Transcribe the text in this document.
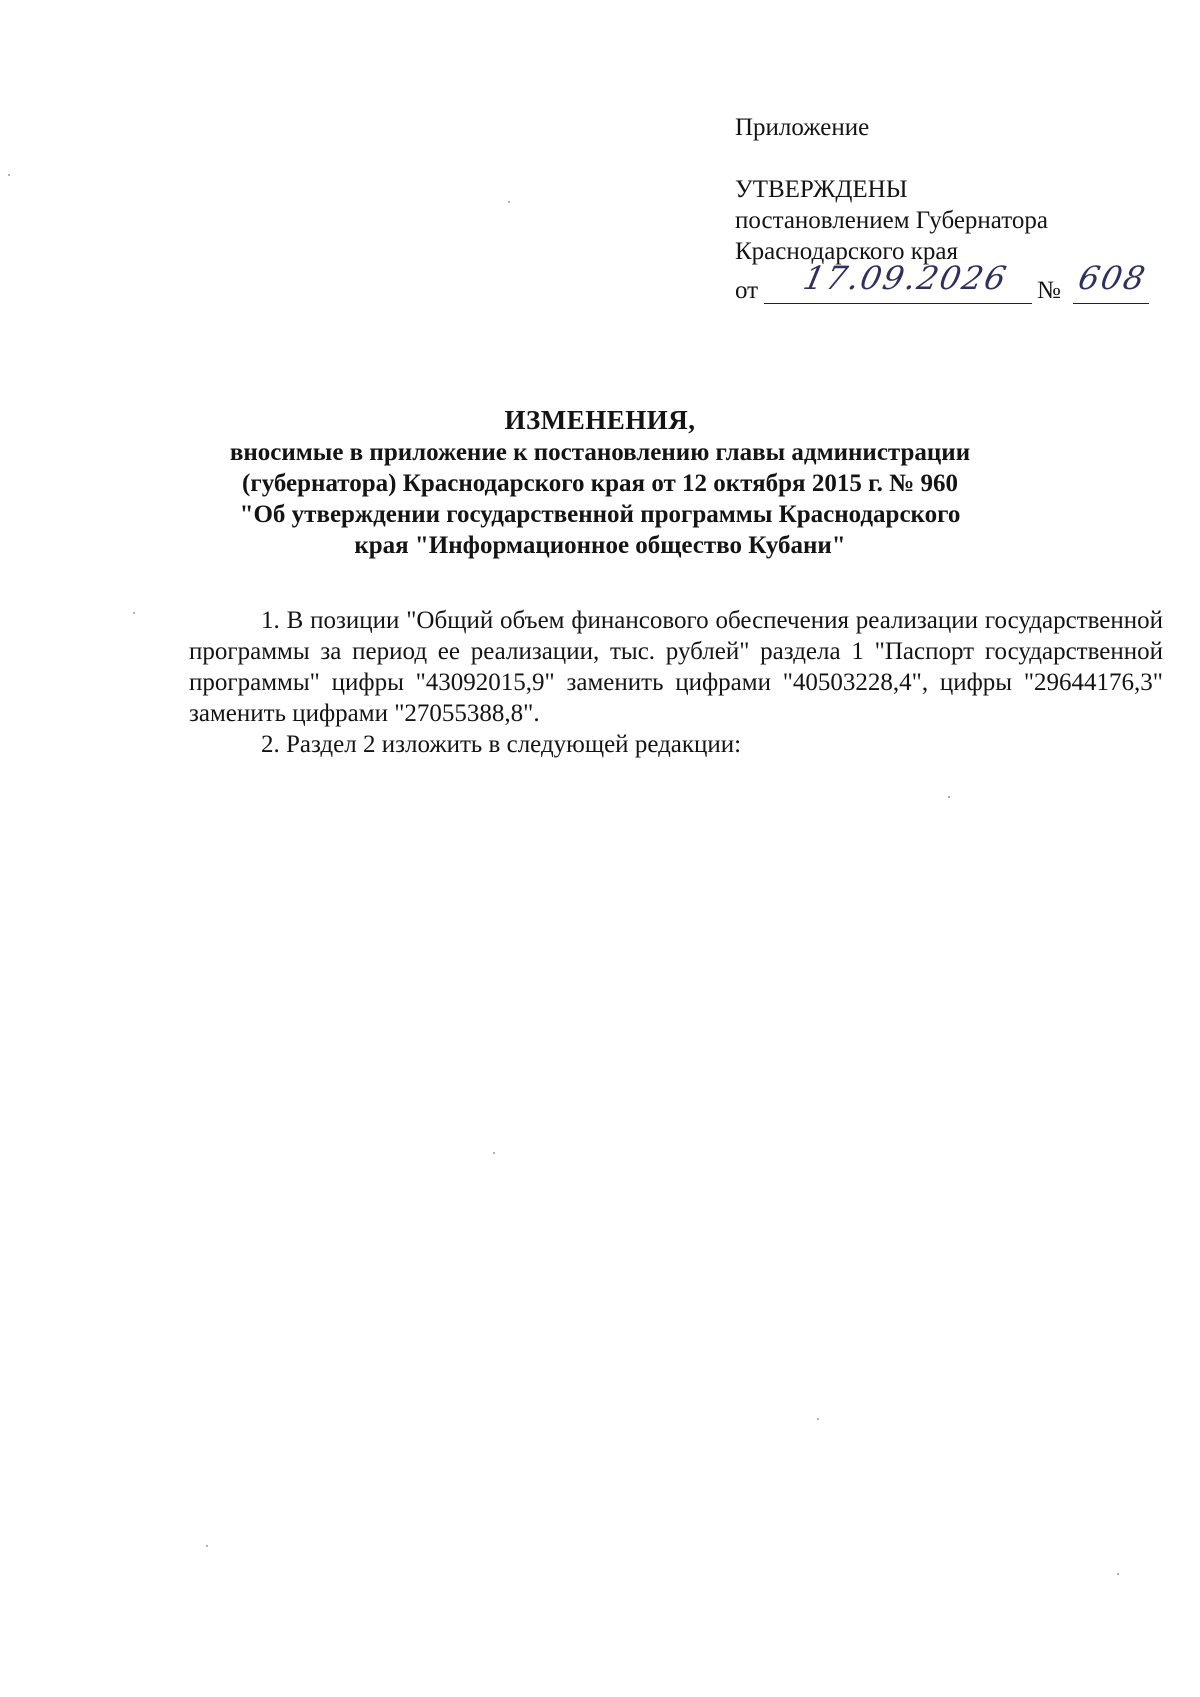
Приложение
УТВЕРЖДЕНЫ
постановлением Губернатора
Краснодарского края
от 17.09.2026 № 608
ИЗМЕНЕНИЯ,
вносимые в приложение к постановлению главы администрации
(губернатора) Краснодарского края от 12 октября 2015 г. № 960
"Об утверждении государственной программы Краснодарского
края "Информационное общество Кубани"

1. В позиции "Общий объем финансового обеспечения реализации государственной программы за период ее реализации, тыс. рублей" раздела 1 "Паспорт государственной программы" цифры "43092015,9" заменить цифрами "40503228,4", цифры "29644176,3" заменить цифрами "27055388,8".

2. Раздел 2 изложить в следующей редакции:
